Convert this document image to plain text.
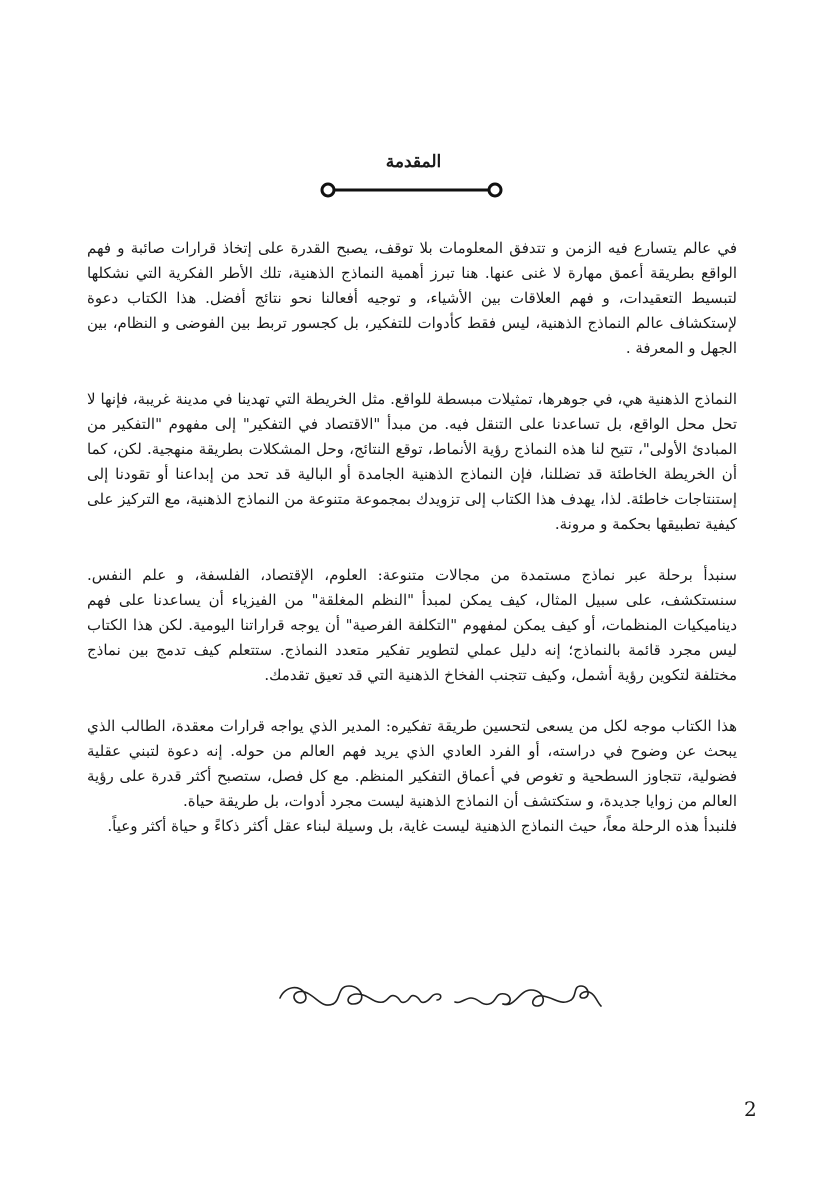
المقدمة

في عالم يتسارع فيه الزمن و تتدفق المعلومات بلا توقف، يصبح القدرة على إتخاذ قرارات صائبة و فهم الواقع بطريقة أعمق مهارة لا غنى عنها. هنا تبرز أهمية النماذج الذهنية، تلك الأطر الفكرية التي نشكلها لتبسيط التعقيدات، و فهم العلاقات بين الأشياء، و توجيه أفعالنا نحو نتائج أفضل. هذا الكتاب دعوة لإستكشاف عالم النماذج الذهنية، ليس فقط كأدوات للتفكير، بل كجسور تربط بين الفوضى و النظام، بين الجهل و المعرفة .

النماذج الذهنية هي، في جوهرها، تمثيلات مبسطة للواقع. مثل الخريطة التي تهدينا في مدينة غريبة، فإنها لا تحل محل الواقع، بل تساعدنا على التنقل فيه. من مبدأ "الاقتصاد في التفكير" إلى مفهوم "التفكير من المبادئ الأولى"، تتيح لنا هذه النماذج رؤية الأنماط، توقع النتائج، وحل المشكلات بطريقة منهجية. لكن، كما أن الخريطة الخاطئة قد تضللنا، فإن النماذج الذهنية الجامدة أو البالية قد تحد من إبداعنا أو تقودنا إلى إستنتاجات خاطئة. لذا، يهدف هذا الكتاب إلى تزويدك بمجموعة متنوعة من النماذج الذهنية، مع التركيز على كيفية تطبيقها بحكمة و مرونة.

سنبدأ برحلة عبر نماذج مستمدة من مجالات متنوعة: العلوم، الإقتصاد، الفلسفة، و علم النفس. سنستكشف، على سبيل المثال، كيف يمكن لمبدأ "النظم المغلقة" من الفيزياء أن يساعدنا على فهم ديناميكيات المنظمات، أو كيف يمكن لمفهوم "التكلفة الفرصية" أن يوجه قراراتنا اليومية. لكن هذا الكتاب ليس مجرد قائمة بالنماذج؛ إنه دليل عملي لتطوير تفكير متعدد النماذج. ستتعلم كيف تدمج بين نماذج مختلفة لتكوين رؤية أشمل، وكيف تتجنب الفخاخ الذهنية التي قد تعيق تقدمك.

هذا الكتاب موجه لكل من يسعى لتحسين طريقة تفكيره: المدير الذي يواجه قرارات معقدة، الطالب الذي يبحث عن وضوح في دراسته، أو الفرد العادي الذي يريد فهم العالم من حوله. إنه دعوة لتبني عقلية فضولية، تتجاوز السطحية و تغوص في أعماق التفكير المنظم. مع كل فصل، ستصبح أكثر قدرة على رؤية العالم من زوايا جديدة، و ستكتشف أن النماذج الذهنية ليست مجرد أدوات، بل طريقة حياة.

فلنبدأ هذه الرحلة معاً، حيث النماذج الذهنية ليست غاية، بل وسيلة لبناء عقل أكثر ذكاءً و حياة أكثر وعياً.

2
